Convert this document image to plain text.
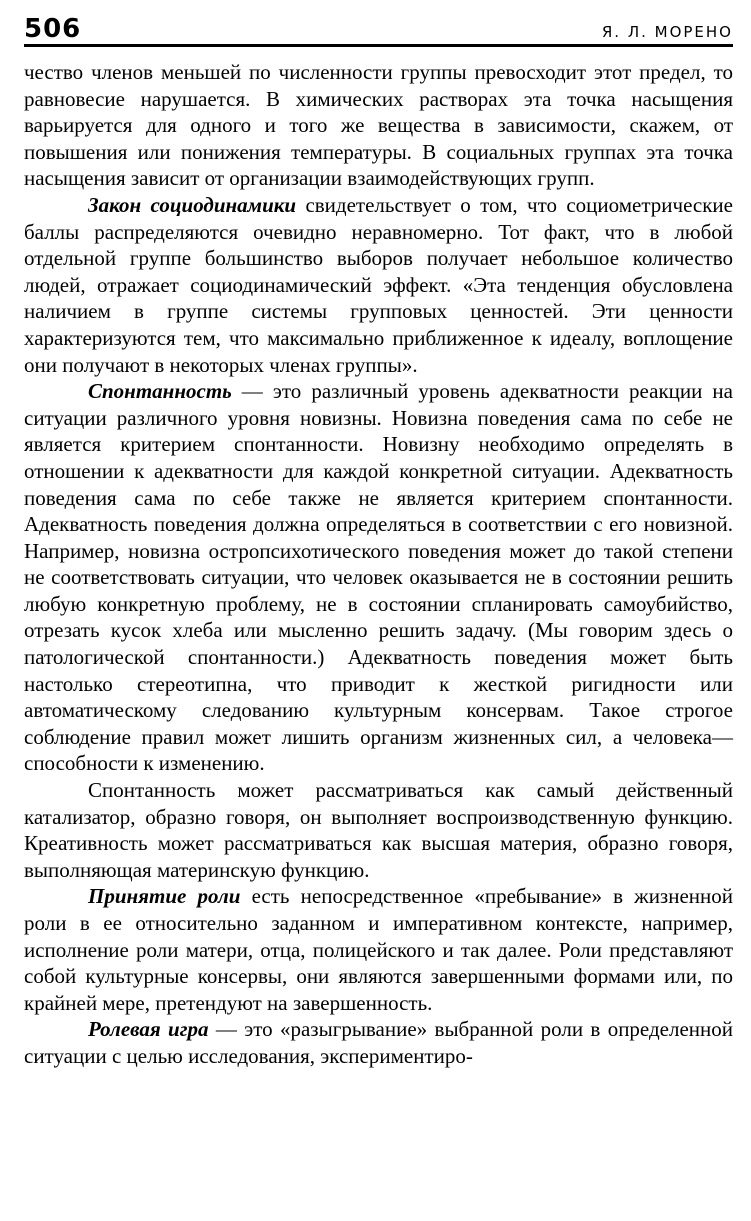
506	Я. Л. МОРЕНО

чество членов меньшей по численности группы превосходит этот предел, то равновесие нарушается. В химических растворах эта точка насыщения варьируется для одного и того же вещества в зависимости, скажем, от повышения или понижения температуры. В социальных группах эта точка насыщения зависит от организации взаимодействующих групп.

Закон социодинамики свидетельствует о том, что социометрические баллы распределяются очевидно неравномерно. Тот факт, что в любой отдельной группе большинство выборов получает небольшое количество людей, отражает социодинамический эффект. «Эта тенденция обусловлена наличием в группе системы групповых ценностей. Эти ценности характеризуются тем, что максимально приближенное к идеалу, воплощение они получают в некоторых членах группы».

Спонтанность — это различный уровень адекватности реакции на ситуации различного уровня новизны. Новизна поведения сама по себе не является критерием спонтанности. Новизну необходимо определять в отношении к адекватности для каждой конкретной ситуации. Адекватность поведения сама по себе также не является критерием спонтанности. Адекватность поведения должна определяться в соответствии с его новизной. Например, новизна остропсихотического поведения может до такой степени не соответствовать ситуации, что человек оказывается не в состоянии решить любую конкретную проблему, не в состоянии спланировать самоубийство, отрезать кусок хлеба или мысленно решить задачу. (Мы говорим здесь о патологической спонтанности.) Адекватность поведения может быть настолько стереотипна, что приводит к жесткой ригидности или автоматическому следованию культурным консервам. Такое строгое соблюдение правил может лишить организм жизненных сил, а человека— способности к изменению.

Спонтанность может рассматриваться как самый действенный катализатор, образно говоря, он выполняет воспроизводственную функцию. Креативность может рассматриваться как высшая материя, образно говоря, выполняющая материнскую функцию.

Принятие роли есть непосредственное «пребывание» в жизненной роли в ее относительно заданном и императивном контексте, например, исполнение роли матери, отца, полицейского и так далее. Роли представляют собой культурные консервы, они являются завершенными формами или, по крайней мере, претендуют на завершенность.

Ролевая игра — это «разыгрывание» выбранной роли в определенной ситуации с целью исследования, экспериментиро-
